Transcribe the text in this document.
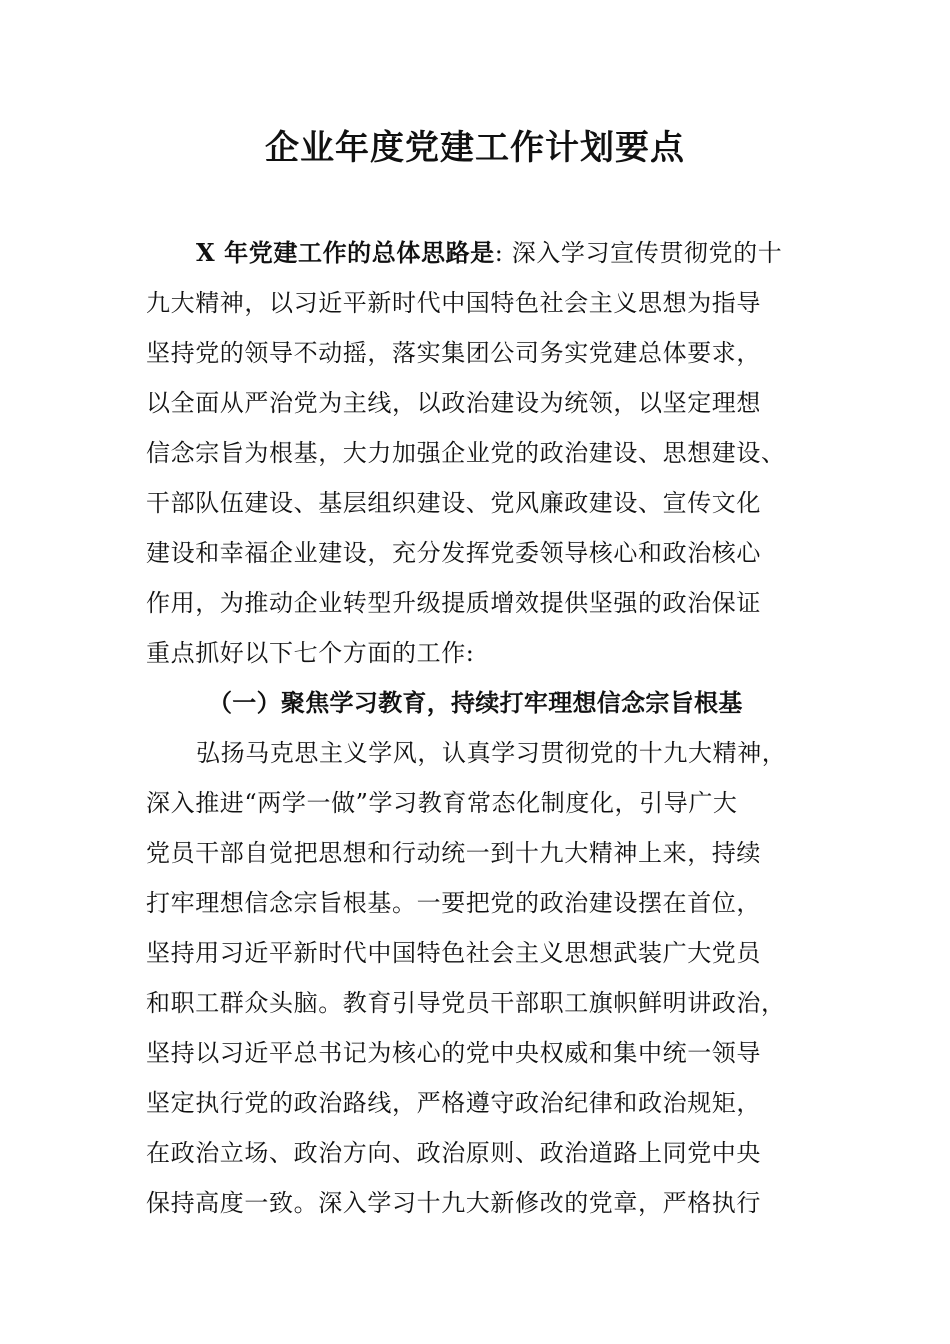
企业年度党建工作计划要点
X 年党建工作的总体思路是: 深入学习宣传贯彻党的十
九大精神，以习近平新时代中国特色社会主义思想为指导
坚持党的领导不动摇，落实集团公司务实党建总体要求，
以全面从严治党为主线，以政治建设为统领，以坚定理想
信念宗旨为根基，大力加强企业党的政治建设、思想建设、
干部队伍建设、基层组织建设、党风廉政建设、宣传文化
建设和幸福企业建设，充分发挥党委领导核心和政治核心
作用，为推动企业转型升级提质增效提供坚强的政治保证
重点抓好以下七个方面的工作:
（一）聚焦学习教育，持续打牢理想信念宗旨根基
弘扬马克思主义学风，认真学习贯彻党的十九大精神，
深入推进“两学一做”学习教育常态化制度化，引导广大
党员干部自觉把思想和行动统一到十九大精神上来，持续
打牢理想信念宗旨根基。一要把党的政治建设摆在首位，
坚持用习近平新时代中国特色社会主义思想武装广大党员
和职工群众头脑。教育引导党员干部职工旗帜鲜明讲政治，
坚持以习近平总书记为核心的党中央权威和集中统一领导
坚定执行党的政治路线，严格遵守政治纪律和政治规矩，
在政治立场、政治方向、政治原则、政治道路上同党中央
保持高度一致。深入学习十九大新修改的党章，严格执行
